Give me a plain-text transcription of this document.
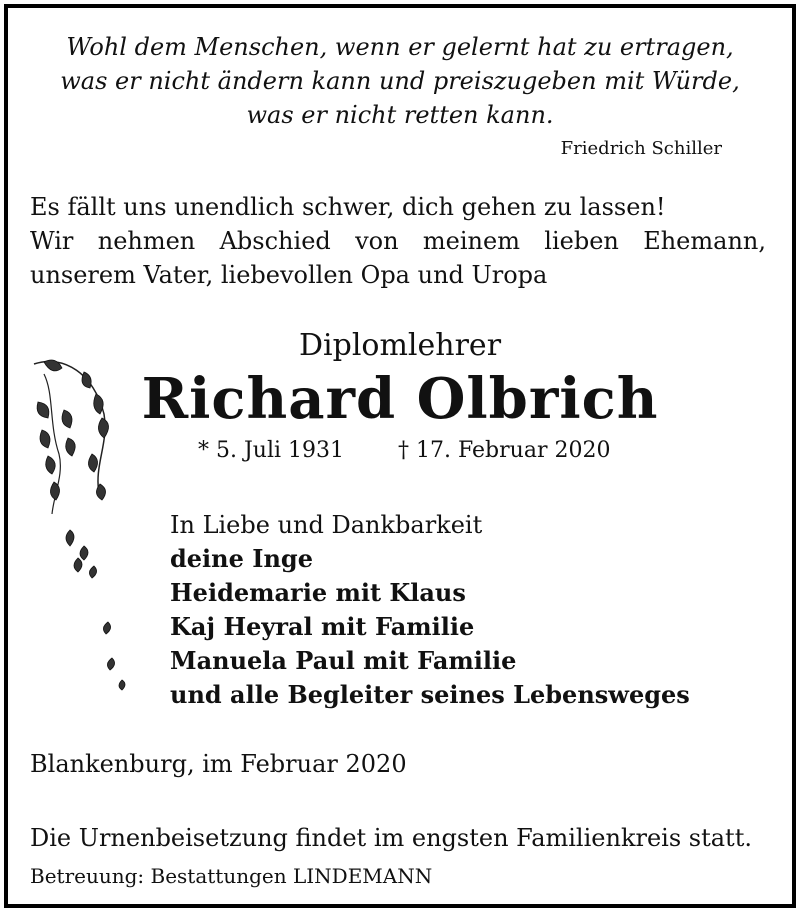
Wohl dem Menschen, wenn er gelernt hat zu ertragen,
was er nicht ändern kann und preiszugeben mit Würde,
was er nicht retten kann.
Friedrich Schiller
Es fällt uns unendlich schwer, dich gehen zu lassen!
Wir nehmen Abschied von meinem lieben Ehemann,
unserem Vater, liebevollen Opa und Uropa
Diplomlehrer
Richard Olbrich
* 5. Juli 1931 † 17. Februar 2020
In Liebe und Dankbarkeit
deine Inge
Heidemarie mit Klaus
Kaj Heyral mit Familie
Manuela Paul mit Familie
und alle Begleiter seines Lebensweges
Blankenburg, im Februar 2020
Die Urnenbeisetzung findet im engsten Familienkreis statt.
Betreuung: Bestattungen LINDEMANN
